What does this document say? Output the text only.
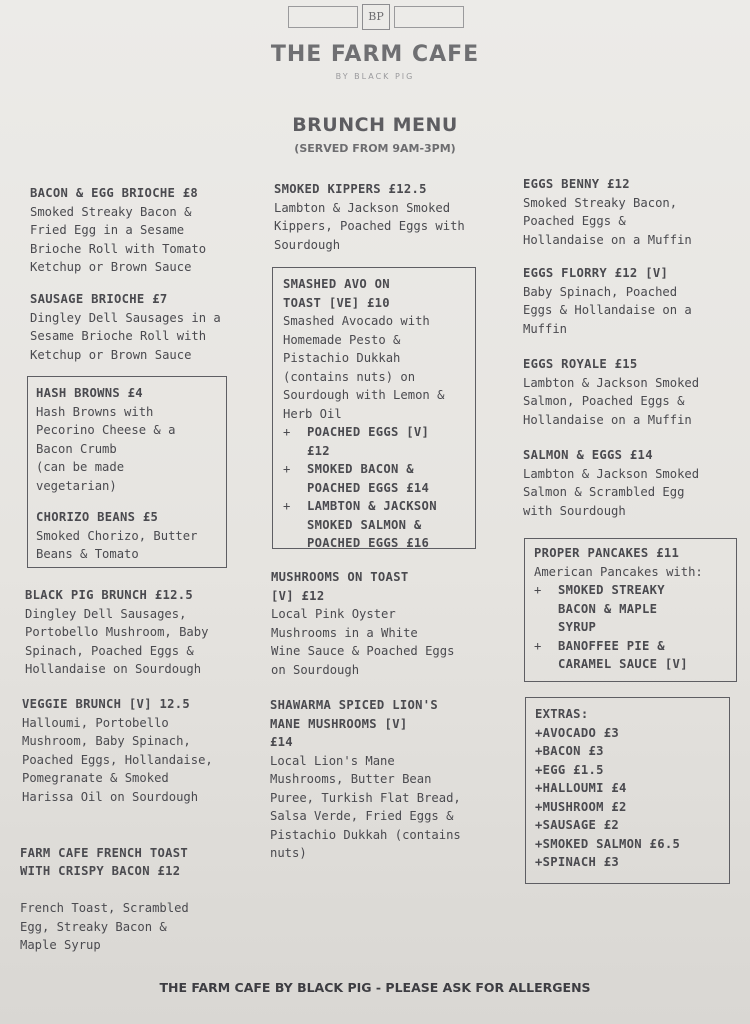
BP
THE FARM CAFE
BY BLACK PIG
BRUNCH MENU
(SERVED FROM 9AM-3PM)
BACON & EGG BRIOCHE £8
Smoked Streaky Bacon &
Fried Egg in a Sesame
Brioche Roll with Tomato
Ketchup or Brown Sauce
SAUSAGE BRIOCHE £7
Dingley Dell Sausages in a
Sesame Brioche Roll with
Ketchup or Brown Sauce
HASH BROWNS £4
Hash Browns with
Pecorino Cheese & a
Bacon Crumb
(can be made
vegetarian)
CHORIZO BEANS £5
Smoked Chorizo, Butter
Beans & Tomato
BLACK PIG BRUNCH £12.5
Dingley Dell Sausages,
Portobello Mushroom, Baby
Spinach, Poached Eggs &
Hollandaise on Sourdough
VEGGIE BRUNCH [V] 12.5
Halloumi, Portobello
Mushroom, Baby Spinach,
Poached Eggs, Hollandaise,
Pomegranate & Smoked
Harissa Oil on Sourdough

FARM CAFE FRENCH TOAST
WITH CRISPY BACON £12

French Toast, Scrambled
Egg, Streaky Bacon &
Maple Syrup

SMOKED KIPPERS £12.5
Lambton & Jackson Smoked
Kippers, Poached Eggs with
Sourdough
SMASHED AVO ON
TOAST [VE] £10
Smashed Avocado with
Homemade Pesto &
Pistachio Dukkah
(contains nuts) on
Sourdough with Lemon &
Herb Oil
+	POACHED EGGS [V]
£12
+	SMOKED BACON &
POACHED EGGS £14
+	LAMBTON & JACKSON
SMOKED SALMON &
POACHED EGGS £16
MUSHROOMS ON TOAST
[V] £12
Local Pink Oyster
Mushrooms in a White
Wine Sauce & Poached Eggs
on Sourdough
SHAWARMA SPICED LION'S
MANE MUSHROOMS [V]
£14
Local Lion's Mane
Mushrooms, Butter Bean
Puree, Turkish Flat Bread,
Salsa Verde, Fried Eggs &
Pistachio Dukkah (contains
nuts)
EGGS BENNY £12
Smoked Streaky Bacon,
Poached Eggs &
Hollandaise on a Muffin
EGGS FLORRY £12 [V]
Baby Spinach, Poached
Eggs & Hollandaise on a
Muffin
EGGS ROYALE £15
Lambton & Jackson Smoked
Salmon, Poached Eggs &
Hollandaise on a Muffin
SALMON & EGGS £14
Lambton & Jackson Smoked
Salmon & Scrambled Egg
with Sourdough
PROPER PANCAKES £11
American Pancakes with:
+	SMOKED STREAKY
BACON & MAPLE
SYRUP
+	BANOFFEE PIE &
CARAMEL SAUCE [V]
EXTRAS:
+AVOCADO £3
+BACON £3
+EGG £1.5
+HALLOUMI £4
+MUSHROOM £2
+SAUSAGE £2
+SMOKED SALMON £6.5
+SPINACH £3
THE FARM CAFE BY BLACK PIG - PLEASE ASK FOR ALLERGENS
